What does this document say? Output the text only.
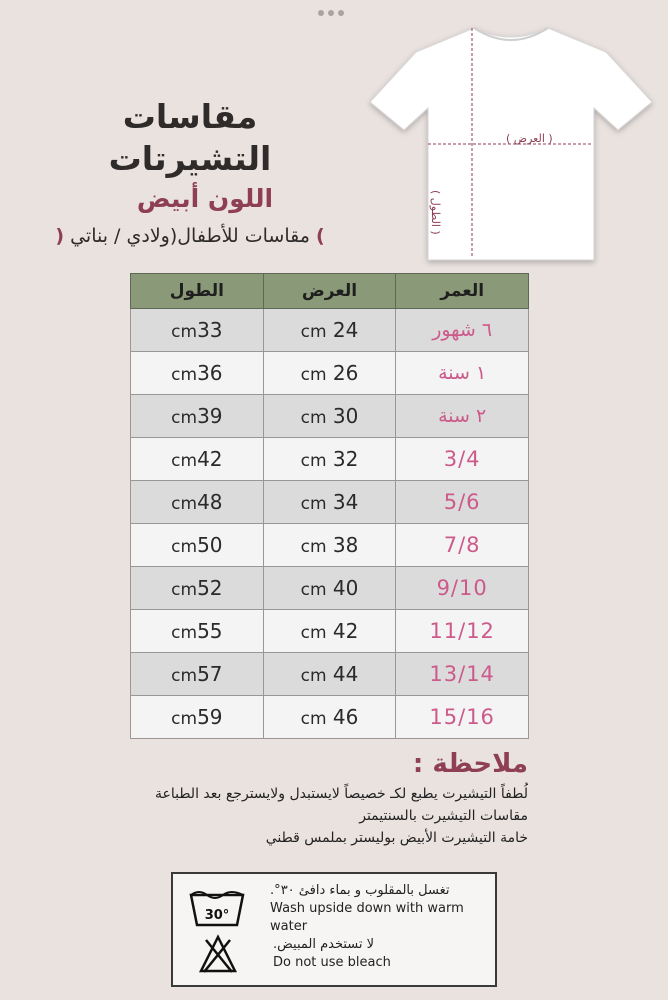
مقاسات التشيرتات
اللون أبيض
) مقاسات للأطفال(ولادي / بناتي (
( العرض )
( الطول )
الطول	العرض	العمر
cm33	cm 24	٦ شهور
cm36	cm 26	١ سنة
cm39	cm 30	٢ سنة
cm42	cm 32	3/4
cm48	cm 34	5/6
cm50	cm 38	7/8
cm52	cm 40	9/10
cm55	cm 42	11/12
cm57	cm 44	13/14
cm59	cm 46	15/16
ملاحظة :
لُطفاً التيشيرت يطبع لكـ خصيصاً لايستبدل ولايسترجع بعد الطباعة
مقاسات التيشيرت بالسنتيمتر
خامة التيشيرت الأبيض بوليستر بملمس قطني
30°
تغسل بالمقلوب و بماء دافئ ٣٠°.
Wash upside down with warm water
لا تستخدم المبيض.
Do not use bleach
